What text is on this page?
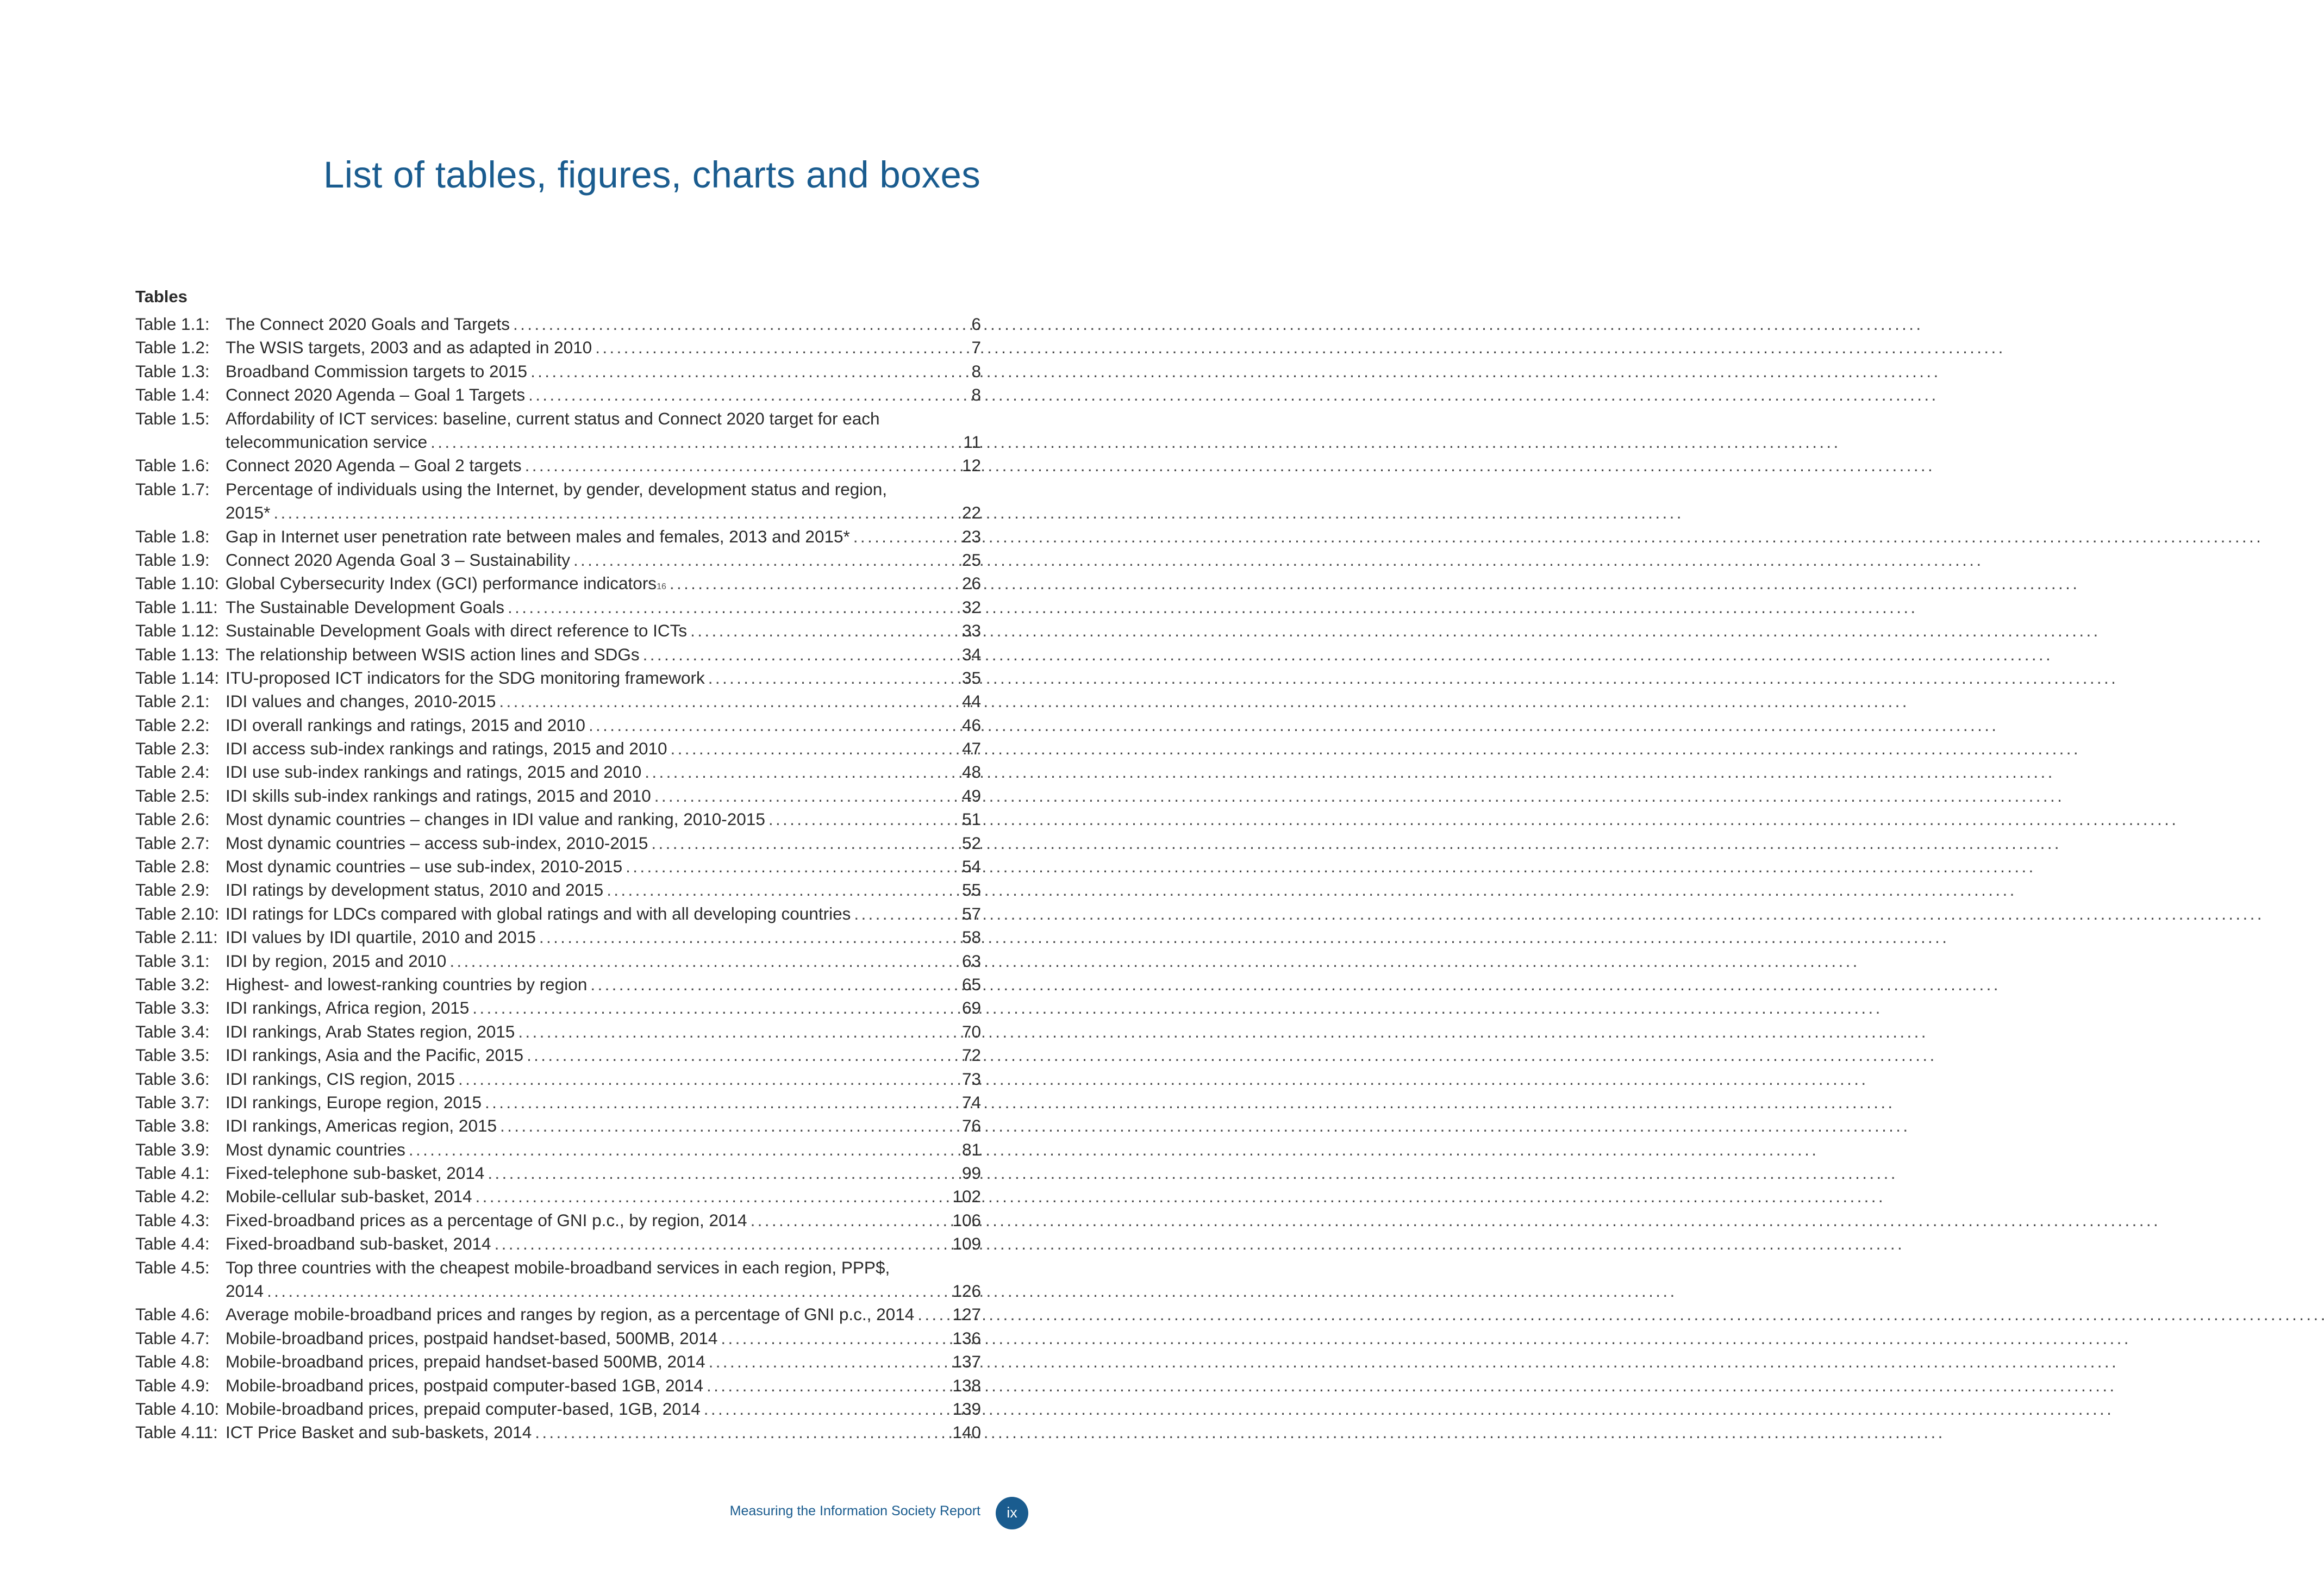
List of tables, figures, charts and boxes
Tables
Table 1.1: The Connect 2020 Goals and Targets . . .	6
Table 1.2: The WSIS targets, 2003 and as adapted in 2010 . . .	7
Table 1.3: Broadband Commission targets to 2015 . . .	8
Table 1.4: Connect 2020 Agenda – Goal 1 Targets . . .	8
Table 1.5: Affordability of ICT services: baseline, current status and Connect 2020 target for each
telecommunication service . . .	11
Table 1.6: Connect 2020 Agenda – Goal 2 targets . . .	12
Table 1.7: Percentage of individuals using the Internet, by gender, development status and region,
2015* . . .	22
Table 1.8: Gap in Internet user penetration rate between males and females, 2013 and 2015* . . .	23
Table 1.9: Connect 2020 Agenda Goal 3 – Sustainability . . .	25
Table 1.10: Global Cybersecurity Index (GCI) performance indicators 16 . . .	26
Table 1.11: The Sustainable Development Goals . . .	32
Table 1.12: Sustainable Development Goals with direct reference to ICTs . . .	33
Table 1.13: The relationship between WSIS action lines and SDGs . . .	34
Table 1.14: ITU-proposed ICT indicators for the SDG monitoring framework . . .	35
Table 2.1: IDI values and changes, 2010-2015 . . .	44
Table 2.2: IDI overall rankings and ratings, 2015 and 2010 . . .	46
Table 2.3: IDI access sub-index rankings and ratings, 2015 and 2010 . . .	47
Table 2.4: IDI use sub-index rankings and ratings, 2015 and 2010 . . .	48
Table 2.5: IDI skills sub-index rankings and ratings, 2015 and 2010 . . .	49
Table 2.6: Most dynamic countries – changes in IDI value and ranking, 2010-2015 . . .	51
Table 2.7: Most dynamic countries – access sub-index, 2010-2015 . . .	52
Table 2.8: Most dynamic countries – use sub-index, 2010-2015 . . .	54
Table 2.9: IDI ratings by development status, 2010 and 2015 . . .	55
Table 2.10: IDI ratings for LDCs compared with global ratings and with all developing countries . . .	57
Table 2.11: IDI values by IDI quartile, 2010 and 2015 . . .	58
Table 3.1: IDI by region, 2015 and 2010 . . .	63
Table 3.2: Highest- and lowest-ranking countries by region . . .	65
Table 3.3: IDI rankings, Africa region, 2015 . . .	69
Table 3.4: IDI rankings, Arab States region, 2015 . . .	70
Table 3.5: IDI rankings, Asia and the Pacific, 2015 . . .	72
Table 3.6: IDI rankings, CIS region, 2015 . . .	73
Table 3.7: IDI rankings, Europe region, 2015 . . .	74
Table 3.8: IDI rankings, Americas region, 2015 . . .	76
Table 3.9: Most dynamic countries . . .	81
Table 4.1: Fixed-telephone sub-basket, 2014 . . .	99
Table 4.2: Mobile-cellular sub-basket, 2014 . . .	102
Table 4.3: Fixed-broadband prices as a percentage of GNI p.c., by region, 2014 . . .	106
Table 4.4: Fixed-broadband sub-basket, 2014 . . .	109
Table 4.5: Top three countries with the cheapest mobile-broadband services in each region, PPP$,
2014 . . .	126
Table 4.6: Average mobile-broadband prices and ranges by region, as a percentage of GNI p.c., 2014 . . . 127
Table 4.7: Mobile-broadband prices, postpaid handset-based, 500MB, 2014 . . .	136
Table 4.8: Mobile-broadband prices, prepaid handset-based 500MB, 2014 . . .	137
Table 4.9: Mobile-broadband prices, postpaid computer-based 1GB, 2014 . . .	138
Table 4.10: Mobile-broadband prices, prepaid computer-based, 1GB, 2014 . . .	139
Table 4.11: ICT Price Basket and sub-baskets, 2014 . . .	140
Measuring the Information Society Report	ix
